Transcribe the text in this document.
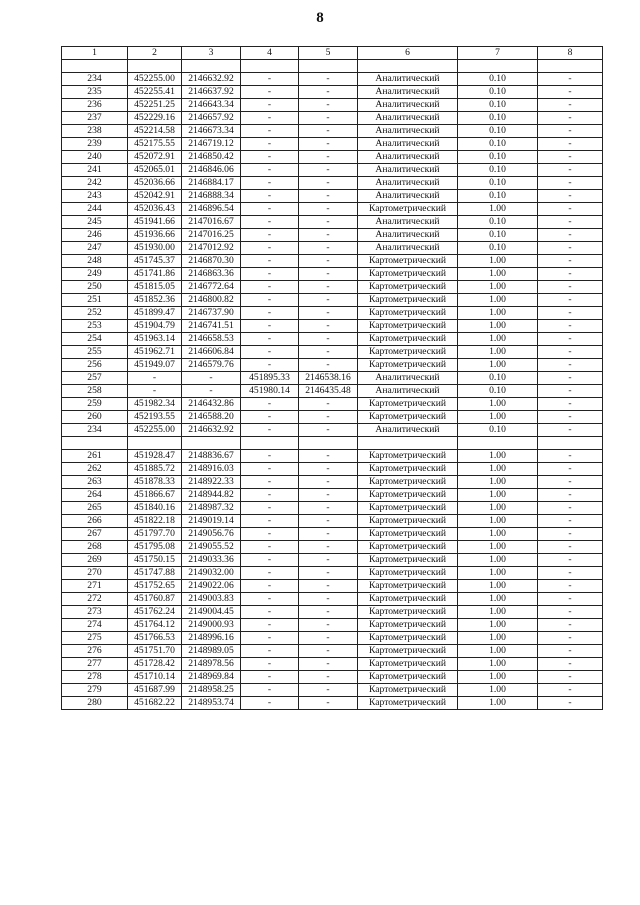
8
1	2	3	4	5	6	7	8

234	452255.00	2146632.92	-	-	Аналитический	0.10	-
235	452255.41	2146637.92	-	-	Аналитический	0.10	-
236	452251.25	2146643.34	-	-	Аналитический	0.10	-
237	452229.16	2146657.92	-	-	Аналитический	0.10	-
238	452214.58	2146673.34	-	-	Аналитический	0.10	-
239	452175.55	2146719.12	-	-	Аналитический	0.10	-
240	452072.91	2146850.42	-	-	Аналитический	0.10	-
241	452065.01	2146846.06	-	-	Аналитический	0.10	-
242	452036.66	2146884.17	-	-	Аналитический	0.10	-
243	452042.91	2146888.34	-	-	Аналитический	0.10	-
244	452036.43	2146896.54	-	-	Картометрический	1.00	-
245	451941.66	2147016.67	-	-	Аналитический	0.10	-
246	451936.66	2147016.25	-	-	Аналитический	0.10	-
247	451930.00	2147012.92	-	-	Аналитический	0.10	-
248	451745.37	2146870.30	-	-	Картометрический	1.00	-
249	451741.86	2146863.36	-	-	Картометрический	1.00	-
250	451815.05	2146772.64	-	-	Картометрический	1.00	-
251	451852.36	2146800.82	-	-	Картометрический	1.00	-
252	451899.47	2146737.90	-	-	Картометрический	1.00	-
253	451904.79	2146741.51	-	-	Картометрический	1.00	-
254	451963.14	2146658.53	-	-	Картометрический	1.00	-
255	451962.71	2146606.84	-	-	Картометрический	1.00	-
256	451949.07	2146579.76	-	-	Картометрический	1.00	-
257	-	-	451895.33	2146538.16	Аналитический	0.10	-
258	-	-	451980.14	2146435.48	Аналитический	0.10	-
259	451982.34	2146432.86	-	-	Картометрический	1.00	-
260	452193.55	2146588.20	-	-	Картометрический	1.00	-
234	452255.00	2146632.92	-	-	Аналитический	0.10	-

261	451928.47	2148836.67	-	-	Картометрический	1.00	-
262	451885.72	2148916.03	-	-	Картометрический	1.00	-
263	451878.33	2148922.33	-	-	Картометрический	1.00	-
264	451866.67	2148944.82	-	-	Картометрический	1.00	-
265	451840.16	2148987.32	-	-	Картометрический	1.00	-
266	451822.18	2149019.14	-	-	Картометрический	1.00	-
267	451797.70	2149056.76	-	-	Картометрический	1.00	-
268	451795.08	2149055.52	-	-	Картометрический	1.00	-
269	451750.15	2149033.36	-	-	Картометрический	1.00	-
270	451747.88	2149032.00	-	-	Картометрический	1.00	-
271	451752.65	2149022.06	-	-	Картометрический	1.00	-
272	451760.87	2149003.83	-	-	Картометрический	1.00	-
273	451762.24	2149004.45	-	-	Картометрический	1.00	-
274	451764.12	2149000.93	-	-	Картометрический	1.00	-
275	451766.53	2148996.16	-	-	Картометрический	1.00	-
276	451751.70	2148989.05	-	-	Картометрический	1.00	-
277	451728.42	2148978.56	-	-	Картометрический	1.00	-
278	451710.14	2148969.84	-	-	Картометрический	1.00	-
279	451687.99	2148958.25	-	-	Картометрический	1.00	-
280	451682.22	2148953.74	-	-	Картометрический	1.00	-
